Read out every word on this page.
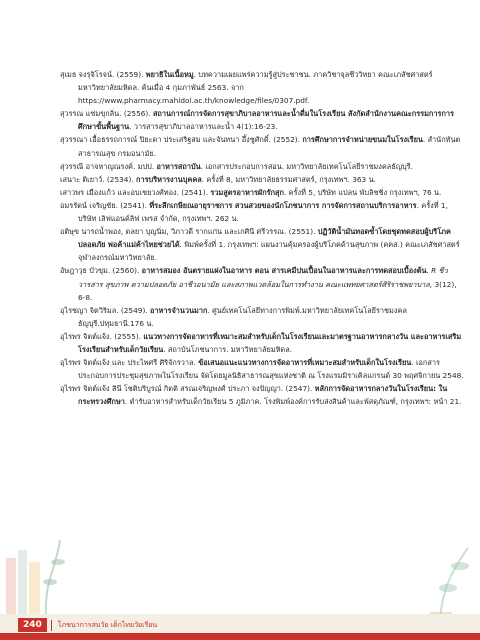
สุเมธ จงรุจิโรจน์. (2559). พยาธิในเนื้อหมู. บทความเผยแพร่ความรู้สู่ประชาชน. ภาควิชาจุลชีววิทยา คณะเภสัชศาสตร์ มหาวิทยาลัยมหิดล. ค้นเมื่อ 4 กุมภาพันธ์ 2563. จาก https://www.pharmacy.mahidol.ac.th/knowledge/files/0307.pdf.

สุวรรณ แซ่มขุกลิ่น. (2556). สถานการณ์การจัดการสุขาภิบาลอาหารและน้ำดื่มในโรงเรียน สังกัดสำนักงานคณะกรรมการการศึกษาขั้นพื้นฐาน. วารสารสุขาภิบาลอาหารและน้ำ 4(1):16-23.

สุวรรณา เอื้อธรรถการณ์ ปิยะดา ประเสริฐสม และจันทนา อึ้งชูศักดิ์. (2552). การศึกษาการจำหน่ายขนมในโรงเรียน. สำนักทันตสาธารณสุข กรมอนามัย.

สุวรรณี อาจหาญณรงค์. มปป. อาหารสถาบัน. เอกสารประกอบการสอน. มหาวิทยาลัยเทคโนโลยีราชมงคลธัญบุรี.

เสนาะ ติเยาว์. (2534). การบริหารงานบุคคล. ครั้งที่ 8, มหาวิทยาลัยธรรมศาสตร์, กรุงเทพฯ. 363 น.

เสาวพร เมืองแก้ว และอบเชยวงศ์ทอง. (2541). รวมสูตรอาหารผักรักสุก. ครั้งที่ 5, บริษัท แปลน พับลิชชิ่ง กรุงเทพฯ, 76 น.

อมรรัตน์ เจริญชัย. (2541). ที่ระลึกเกษียณอายุราชการ สวนสวยของนักโภชนาการ การจัดการสถานบริการอาหาร. ครั้งที่ 1, บริษัท เลิฟแอนด์ลิฟ เพรส จำกัด, กรุงเทพฯ. 262 น.

อติษุข นารถน้ำพอง, ดลยา บุญนิ่ม, วิภาวดี รากแก่น และเกศินี ศรีวรรณ. (2551). ปฏิวัติน้ำมันทอดซ้ำโดยชุดทดสอบผู้บริโภคปลอดภัย พ่อค้าแม่ค้าไทยช่วยได้. พิมพ์ครั้งที่ 1. กรุงเทพฯ: แผนงานคุ้มครองผู้บริโภคด้านสุขภาพ (คคส.) คณะเภสัชศาสตร์ จุฬาลงกรณ์มหาวิทยาลัย.

อัษฎาวุธ บัวขุม. (2560). อาหารสมอง อันตรายแฝงในอาหาร ตอน สารเคมีปนเปื้อนในอาหารและการทดสอบเบื้องต้น. R ชีววารสาร สุขภาพ ความปลอดภัย อาชีวอนามัย และสภาพแวดล้อมในการทำงาน คณะแพทยศาสตร์ศิริราชพยาบาล, 3(12), 6-8.

อุไรชญา จิตวิริมล. (2549). อาหารจำนวนมาก. ศูนย์เทคโนโลยีทางการพิมพ์.มหาวิทยาลัยเทคโนโลยีราชมงคลธัญบุรี.ปทุมธานี.176 น.

อุไรพร จิตต์แจ้ง. (2555). แนวทางการจัดอาหารที่เหมาะสมสำหรับเด็กในโรงเรียนและมาตรฐานอาหารกลางวัน และอาหารเสริมโรงเรียนสำหรับเด็กวัยเรียน. สถาบันโภชนาการ. มหาวิทยาลัยมหิดล.

อุไรพร จิตต์แจ้ง และ ประไพศรี ศิริจักรวาล. ข้อเสนอแนะแนวทางการจัดอาหารที่เหมาะสมสำหรับเด็กในโรงเรียน. เอกสารประกอบการประชุมสุขภาพในโรงเรียน จัดโดยมูลนิธิสาธารณสุขแห่งชาติ ณ โรงแรมมิราเคิลแกรนด์ 30 พฤศจิกายน 2548.

อุไรพร จิตต์แจ้ง สินี โชติบริบูรณ์ กิตติ สรณเจริญพงศ์ ประภา จงปัญญา. (2547). หลักการจัดอาหารกลางวันในโรงเรียน: ในกระทรวงศึกษา. ตำรับอาหารสำหรับเด็กวัยเรียน 5 ภูมิภาค. โรงพิมพ์องค์การรับส่งสินค้าและพัสดุภัณฑ์, กรุงเทพฯ: หน้า 21.

240	โภชนาการสมวัย เด็กไทยวัยเรียน
